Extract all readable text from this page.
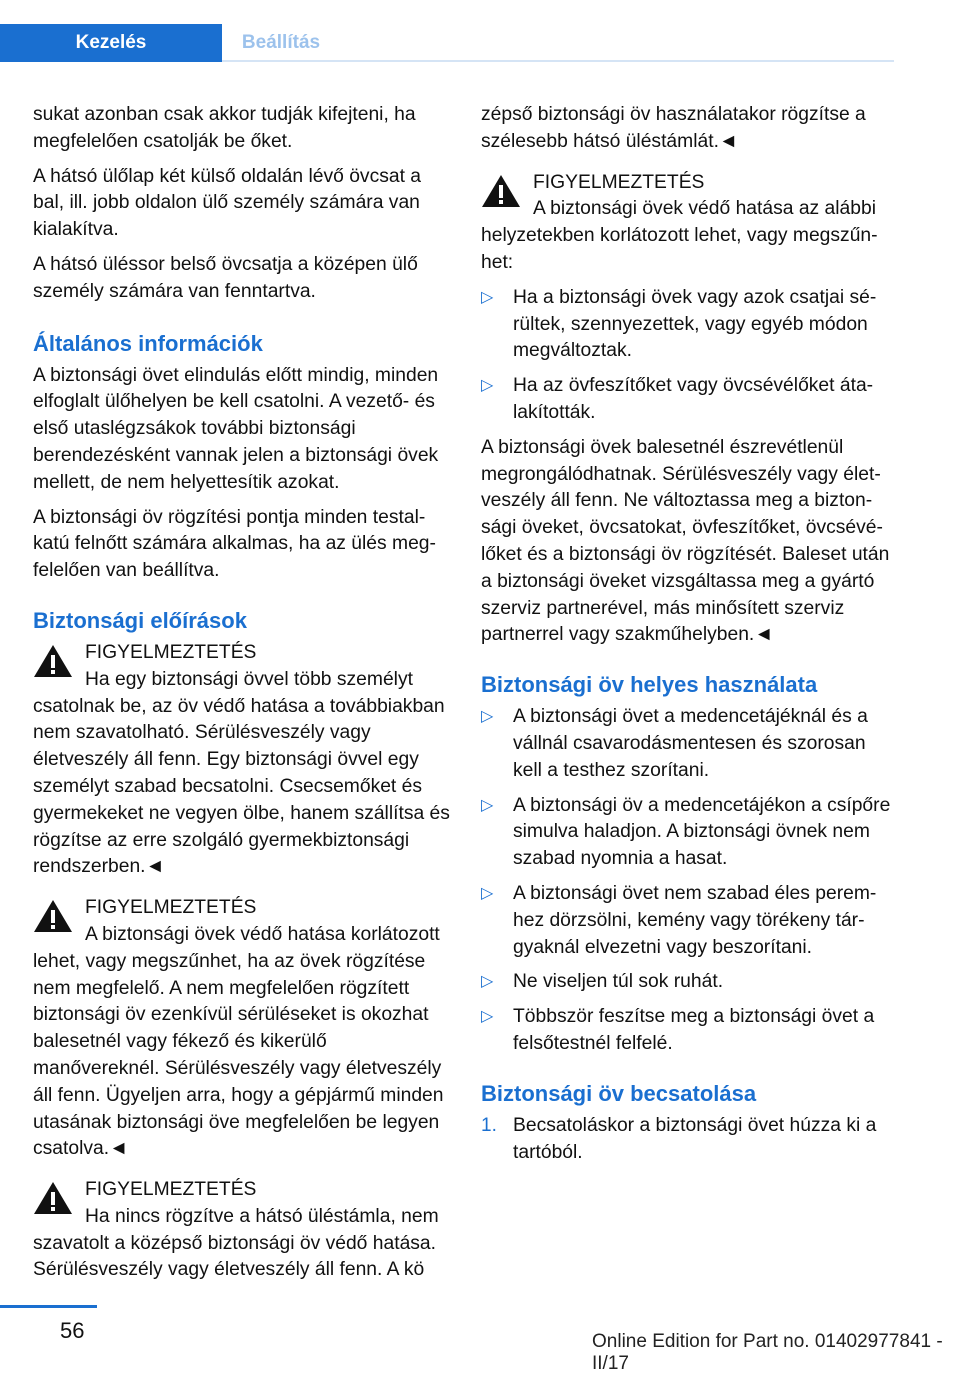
Kezelés	Beállítás

sukat azonban csak akkor tudják kifejteni, ha megfelelően csatolják be őket.

A hátsó ülőlap két külső oldalán lévő övcsat a bal, ill. jobb oldalon ülő személy számára van kialakítva.

A hátsó üléssor belső övcsatja a középen ülő személy számára van fenntartva.

Általános információk

A biztonsági övet elindulás előtt mindig, minden elfoglalt ülőhelyen be kell csatolni. A vezető- és első utaslégzsákok további biztonsági berendezésként vannak jelen a biztonsági övek mellett, de nem helyettesítik azokat.

A biztonsági öv rögzítési pontja minden testalkatú felnőtt számára alkalmas, ha az ülés megfelelően van beállítva.

Biztonsági előírások
FIGYELMEZTETÉS
Ha egy biztonsági övvel több személyt csatolnak be, az öv védő hatása a továbbiakban nem szavatolható. Sérülésveszély vagy életveszély áll fenn. Egy biztonsági övvel egy személyt szabad becsatolni. Csecsemőket és gyermekeket ne vegyen ölbe, hanem szállítsa és rögzítse az erre szolgáló gyermekbiztonsági rendszerben.◄
FIGYELMEZTETÉS
A biztonsági övek védő hatása korlátozott lehet, vagy megszűnhet, ha az övek rögzítése nem megfelelő. A nem megfelelően rögzített biztonsági öv ezenkívül sérüléseket is okozhat balesetnél vagy fékező és kikerülő manővereknél. Sérülésveszély vagy életveszély áll fenn. Ügyeljen arra, hogy a gépjármű minden utasának biztonsági öve megfelelően be legyen csatolva.◄
FIGYELMEZTETÉS
Ha nincs rögzítve a hátsó üléstámla, nem szavatolt a középső biztonsági öv védő hatása. Sérülésveszély vagy életveszély áll fenn. A kö

zépső biztonsági öv használatakor rögzítse a szélesebb hátsó üléstámlát.◄

FIGYELMEZTETÉS
A biztonsági övek védő hatása az alábbi helyzetekben korlátozott lehet, vagy megszűnhet:
▷ Ha a biztonsági övek vagy azok csatjai sérültek, szennyezettek, vagy egyéb módon megváltoztak.
▷ Ha az övfeszítőket vagy övcsévélőket átalakították.

A biztonsági övek balesetnél észrevétlenül megrongálódhatnak. Sérülésveszély vagy életveszély áll fenn. Ne változtassa meg a biztonsági öveket, övcsatokat, övfeszítőket, övcsévélőket és a biztonsági öv rögzítését. Baleset után a biztonsági öveket vizsgáltassa meg a gyártó szerviz partnerével, más minősített szerviz partnerrel vagy szakműhelyben.◄

Biztonsági öv helyes használata
▷ A biztonsági övet a medencetájéknál és a vállnál csavarodásmentesen és szorosan kell a testhez szorítani.
▷ A biztonsági öv a medencetájékon a csípőre simulva haladjon. A biztonsági övnek nem szabad nyomnia a hasat.
▷ A biztonsági övet nem szabad éles peremhez dörzsölni, kemény vagy törékeny tárgyaknál elvezetni vagy beszorítani.
▷ Ne viseljen túl sok ruhát.
▷ Többször feszítse meg a biztonsági övet a felsőtestnél felfelé.
Biztonsági öv becsatolása
1. Becsatoláskor a biztonsági övet húzza ki a tartóból.
56	Online Edition for Part no. 01402977841 - II/17
